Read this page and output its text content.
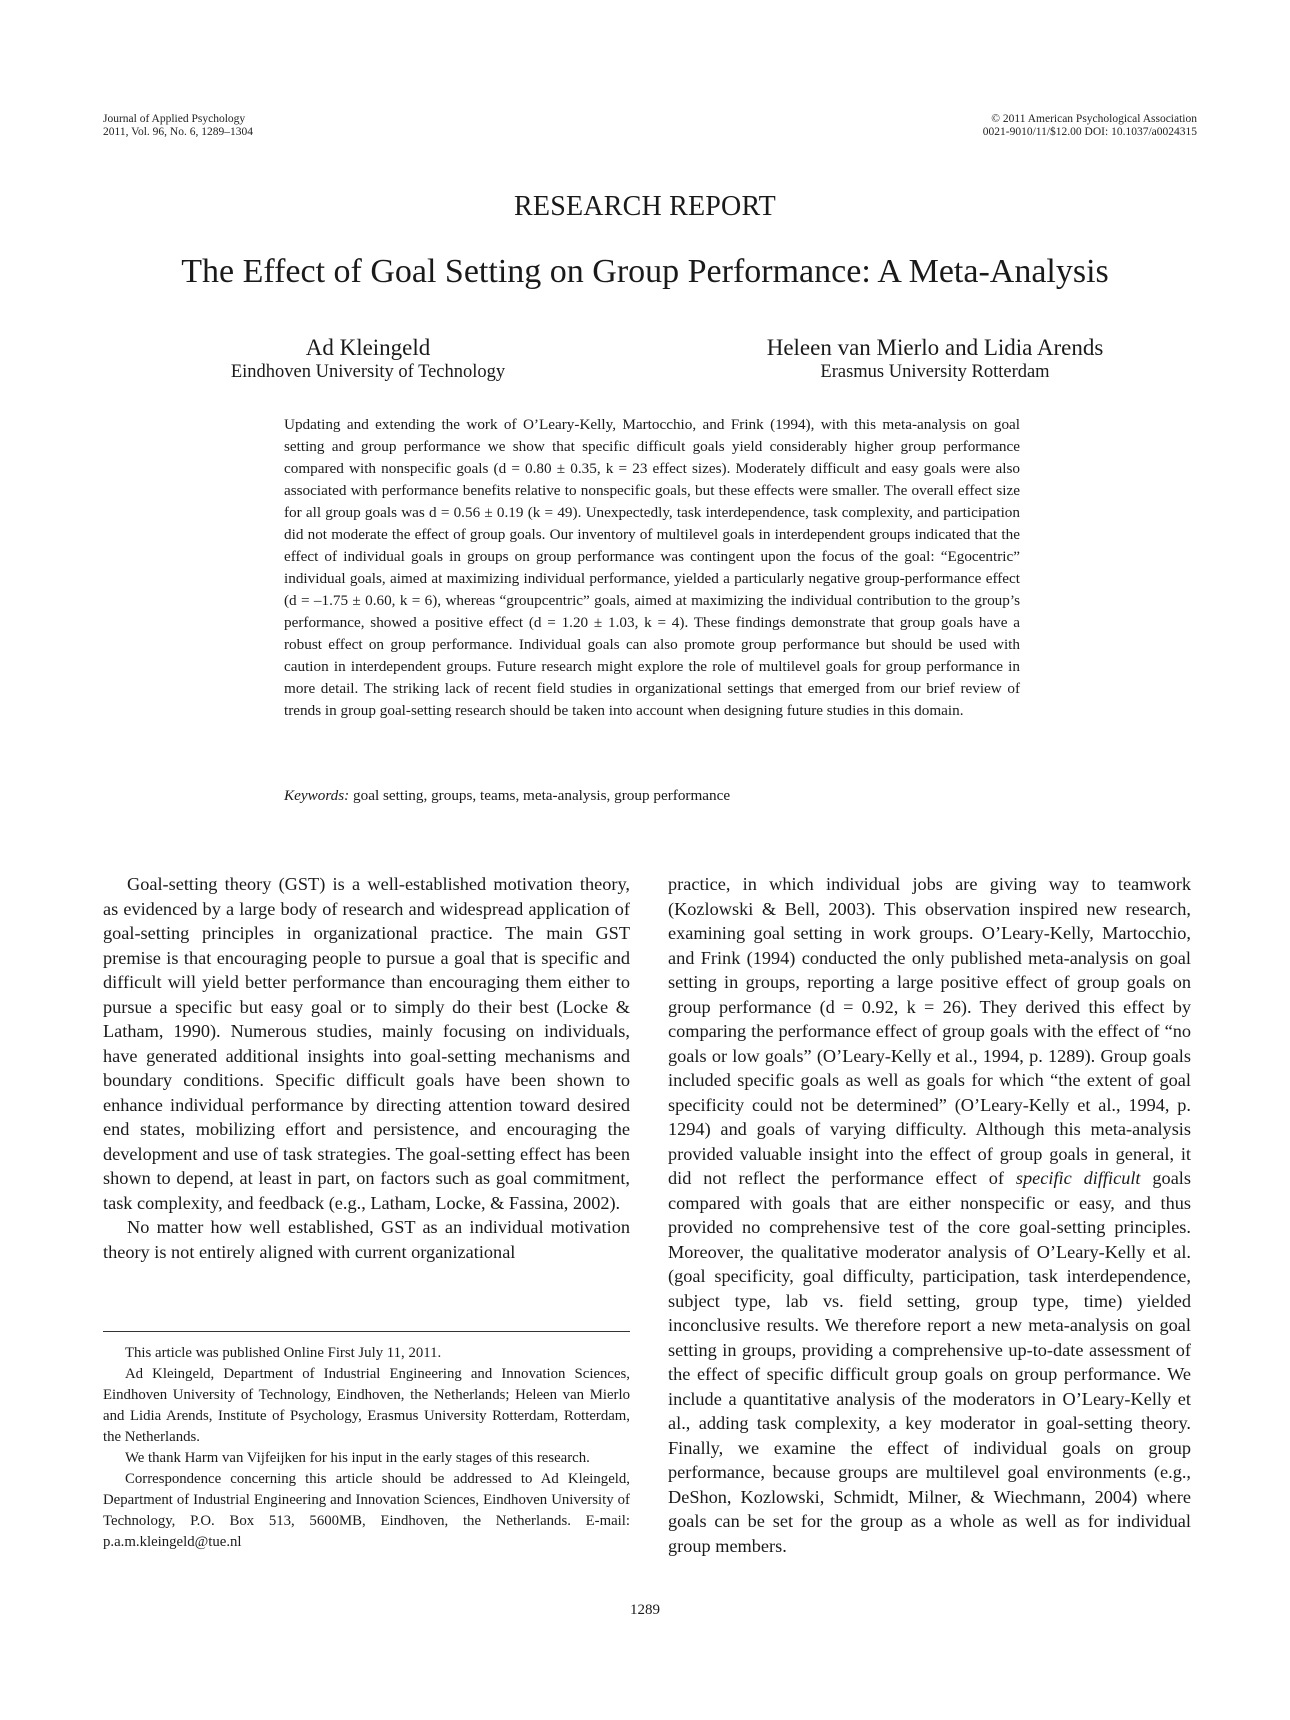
Journal of Applied Psychology
2011, Vol. 96, No. 6, 1289–1304
© 2011 American Psychological Association
0021-9010/11/$12.00 DOI: 10.1037/a0024315
RESEARCH REPORT
The Effect of Goal Setting on Group Performance: A Meta-Analysis
Ad Kleingeld
Eindhoven University of Technology
Heleen van Mierlo and Lidia Arends
Erasmus University Rotterdam
Updating and extending the work of O’Leary-Kelly, Martocchio, and Frink (1994), with this meta-analysis on goal setting and group performance we show that specific difficult goals yield considerably higher group performance compared with nonspecific goals (d = 0.80 ± 0.35, k = 23 effect sizes). Moderately difficult and easy goals were also associated with performance benefits relative to nonspecific goals, but these effects were smaller. The overall effect size for all group goals was d = 0.56 ± 0.19 (k = 49). Unexpectedly, task interdependence, task complexity, and participation did not moderate the effect of group goals. Our inventory of multilevel goals in interdependent groups indicated that the effect of individual goals in groups on group performance was contingent upon the focus of the goal: “Egocentric” individual goals, aimed at maximizing individual performance, yielded a particularly negative group-performance effect (d = –1.75 ± 0.60, k = 6), whereas “groupcentric” goals, aimed at maximizing the individual contribution to the group’s performance, showed a positive effect (d = 1.20 ± 1.03, k = 4). These findings demonstrate that group goals have a robust effect on group performance. Individual goals can also promote group performance but should be used with caution in interdependent groups. Future research might explore the role of multilevel goals for group performance in more detail. The striking lack of recent field studies in organizational settings that emerged from our brief review of trends in group goal-setting research should be taken into account when designing future studies in this domain.
Keywords: goal setting, groups, teams, meta-analysis, group performance

Goal-setting theory (GST) is a well-established motivation theory, as evidenced by a large body of research and widespread application of goal-setting principles in organizational practice. The main GST premise is that encouraging people to pursue a goal that is specific and difficult will yield better performance than encouraging them either to pursue a specific but easy goal or to simply do their best (Locke & Latham, 1990). Numerous studies, mainly focusing on individuals, have generated additional insights into goal-setting mechanisms and boundary conditions. Specific difficult goals have been shown to enhance individual performance by directing attention toward desired end states, mobilizing effort and persistence, and encouraging the development and use of task strategies. The goal-setting effect has been shown to depend, at least in part, on factors such as goal commitment, task complexity, and feedback (e.g., Latham, Locke, & Fassina, 2002).

No matter how well established, GST as an individual motivation theory is not entirely aligned with current organizational

This article was published Online First July 11, 2011.

Ad Kleingeld, Department of Industrial Engineering and Innovation Sciences, Eindhoven University of Technology, Eindhoven, the Netherlands; Heleen van Mierlo and Lidia Arends, Institute of Psychology, Erasmus University Rotterdam, Rotterdam, the Netherlands.

We thank Harm van Vijfeijken for his input in the early stages of this research.

Correspondence concerning this article should be addressed to Ad Kleingeld, Department of Industrial Engineering and Innovation Sciences, Eindhoven University of Technology, P.O. Box 513, 5600MB, Eindhoven, the Netherlands. E-mail: p.a.m.kleingeld@tue.nl

practice, in which individual jobs are giving way to teamwork (Kozlowski & Bell, 2003). This observation inspired new research, examining goal setting in work groups. O’Leary-Kelly, Martocchio, and Frink (1994) conducted the only published meta-analysis on goal setting in groups, reporting a large positive effect of group goals on group performance (d = 0.92, k = 26). They derived this effect by comparing the performance effect of group goals with the effect of “no goals or low goals” (O’Leary-Kelly et al., 1994, p. 1289). Group goals included specific goals as well as goals for which “the extent of goal specificity could not be determined” (O’Leary-Kelly et al., 1994, p. 1294) and goals of varying difficulty. Although this meta-analysis provided valuable insight into the effect of group goals in general, it did not reflect the performance effect of specific difficult goals compared with goals that are either nonspecific or easy, and thus provided no comprehensive test of the core goal-setting principles. Moreover, the qualitative moderator analysis of O’Leary-Kelly et al. (goal specificity, goal difficulty, participation, task interdependence, subject type, lab vs. field setting, group type, time) yielded inconclusive results. We therefore report a new meta-analysis on goal setting in groups, providing a comprehensive up-to-date assessment of the effect of specific difficult group goals on group performance. We include a quantitative analysis of the moderators in O’Leary-Kelly et al., adding task complexity, a key moderator in goal-setting theory. Finally, we examine the effect of individual goals on group performance, because groups are multilevel goal environments (e.g., DeShon, Kozlowski, Schmidt, Milner, & Wiechmann, 2004) where goals can be set for the group as a whole as well as for individual group members.

1289
